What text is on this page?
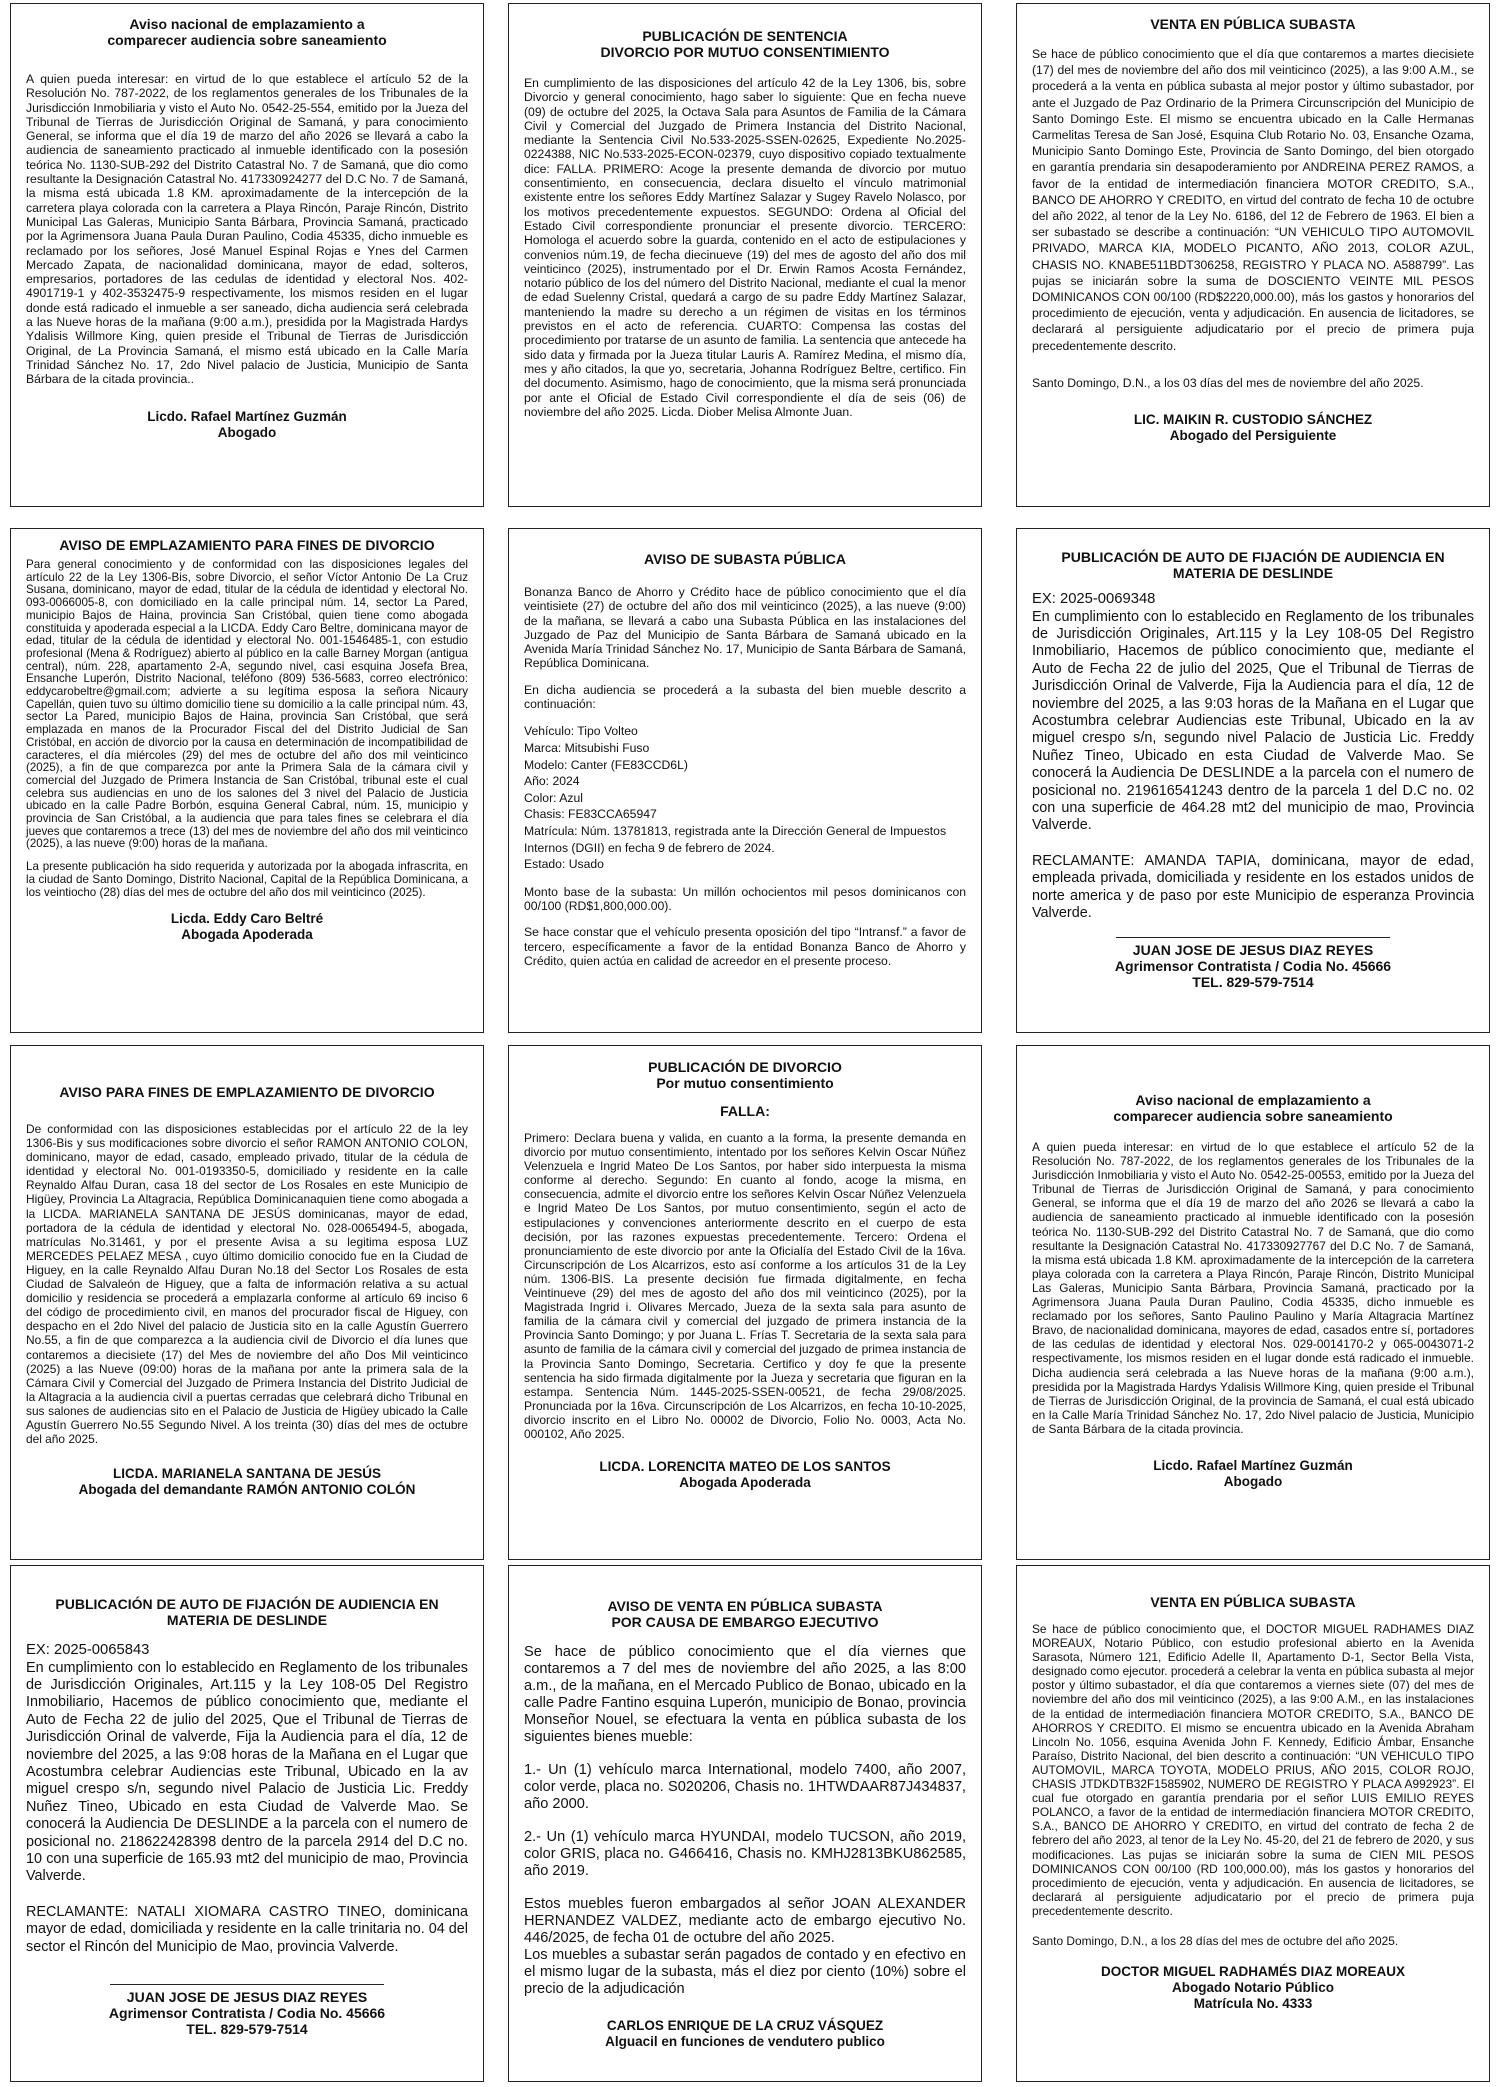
Aviso nacional de emplazamiento a
comparecer audiencia sobre saneamiento

A quien pueda interesar: en virtud de lo que establece el artículo 52 de la Resolución No. 787-2022, de los reglamentos generales de los Tribunales de la Jurisdicción Inmobiliaria y visto el Auto No. 0542-25-554, emitido por la Jueza del Tribunal de Tierras de Jurisdicción Original de Samaná, y para conocimiento General, se informa que el día 19 de marzo del año 2026 se llevará a cabo la audiencia de saneamiento practicado al inmueble identificado con la posesión teórica No. 1130-SUB-292 del Distrito Catastral No. 7 de Samaná, que dio como resultante la Designación Catastral No. 417330924277 del D.C No. 7 de Samaná, la misma está ubicada 1.8 KM. aproximadamente de la intercepción de la carretera playa colorada con la carretera a Playa Rincón, Paraje Rincón, Distrito Municipal Las Galeras, Municipio Santa Bárbara, Provincia Samaná, practicado por la Agrimensora Juana Paula Duran Paulino, Codia 45335, dicho inmueble es reclamado por los señores, José Manuel Espinal Rojas e Ynes del Carmen Mercado Zapata, de nacionalidad dominicana, mayor de edad, solteros, empresarios, portadores de las cedulas de identidad y electoral Nos. 402-4901719-1 y 402-3532475-9 respectivamente, los mismos residen en el lugar donde está radicado el inmueble a ser saneado, dicha audiencia será celebrada a las Nueve horas de la mañana (9:00 a.m.), presidida por la Magistrada Hardys Ydalisis Willmore King, quien preside el Tribunal de Tierras de Jurisdicción Original, de La Provincia Samaná, el mismo está ubicado en la Calle María Trinidad Sánchez No. 17, 2do Nivel palacio de Justicia, Municipio de Santa Bárbara de la citada provincia..

Licdo. Rafael Martínez Guzmán
Abogado
PUBLICACIÓN DE SENTENCIA
DIVORCIO POR MUTUO CONSENTIMIENTO

En cumplimiento de las disposiciones del artículo 42 de la Ley 1306, bis, sobre Divorcio y general conocimiento, hago saber lo siguiente: Que en fecha nueve (09) de octubre del 2025, la Octava Sala para Asuntos de Familia de la Cámara Civil y Comercial del Juzgado de Primera Instancia del Distrito Nacional, mediante la Sentencia Civil No.533-2025-SSEN-02625, Expediente No.2025-0224388, NIC No.533-2025-ECON-02379, cuyo dispositivo copiado textualmente dice: FALLA. PRIMERO: Acoge la presente demanda de divorcio por mutuo consentimiento, en consecuencia, declara disuelto el vínculo matrimonial existente entre los señores Eddy Martínez Salazar y Sugey Ravelo Nolasco, por los motivos precedentemente expuestos. SEGUNDO: Ordena al Oficial del Estado Civil correspondiente pronunciar el presente divorcio. TERCERO: Homologa el acuerdo sobre la guarda, contenido en el acto de estipulaciones y convenios núm.19, de fecha diecinueve (19) del mes de agosto del año dos mil veinticinco (2025), instrumentado por el Dr. Erwin Ramos Acosta Fernández, notario público de los del número del Distrito Nacional, mediante el cual la menor de edad Suelenny Cristal, quedará a cargo de su padre Eddy Martínez Salazar, manteniendo la madre su derecho a un régimen de visitas en los términos previstos en el acto de referencia. CUARTO: Compensa las costas del procedimiento por tratarse de un asunto de familia. La sentencia que antecede ha sido data y firmada por la Jueza titular Lauris A. Ramírez Medina, el mismo día, mes y año citados, la que yo, secretaria, Johanna Rodríguez Beltre, certifico. Fin del documento. Asimismo, hago de conocimiento, que la misma será pronunciada por ante el Oficial de Estado Civil correspondiente el día de seis (06) de noviembre del año 2025. Licda. Diober Melisa Almonte Juan.

VENTA EN PÚBLICA SUBASTA

Se hace de público conocimiento que el día que contaremos a martes diecisiete (17) del mes de noviembre del año dos mil veinticinco (2025), a las 9:00 A.M., se procederá a la venta en pública subasta al mejor postor y último subastador, por ante el Juzgado de Paz Ordinario de la Primera Circunscripción del Municipio de Santo Domingo Este. El mismo se encuentra ubicado en la Calle Hermanas Carmelitas Teresa de San José, Esquina Club Rotario No. 03, Ensanche Ozama, Municipio Santo Domingo Este, Provincia de Santo Domingo, del bien otorgado en garantía prendaria sin desapoderamiento por ANDREINA PEREZ RAMOS, a favor de la entidad de intermediación financiera MOTOR CREDITO, S.A., BANCO DE AHORRO Y CREDITO, en virtud del contrato de fecha 10 de octubre del año 2022, al tenor de la Ley No. 6186, del 12 de Febrero de 1963. El bien a ser subastado se describe a continuación: “UN VEHICULO TIPO AUTOMOVIL PRIVADO, MARCA KIA, MODELO PICANTO, AÑO 2013, COLOR AZUL, CHASIS NO. KNABE511BDT306258, REGISTRO Y PLACA NO. A588799”. Las pujas se iniciarán sobre la suma de DOSCIENTO VEINTE MIL PESOS DOMINICANOS CON 00/100 (RD$2220,000.00), más los gastos y honorarios del procedimiento de ejecución, venta y adjudicación. En ausencia de licitadores, se declarará al persiguiente adjudicatario por el precio de primera puja precedentemente descrito.

Santo Domingo, D.N., a los 03 días del mes de noviembre del año 2025.

LIC. MAIKIN R. CUSTODIO SÁNCHEZ
Abogado del Persiguiente
AVISO DE EMPLAZAMIENTO PARA FINES DE DIVORCIO

Para general conocimiento y de conformidad con las disposiciones legales del artículo 22 de la Ley 1306-Bis, sobre Divorcio, el señor Víctor Antonio De La Cruz Susana, dominicano, mayor de edad, titular de la cédula de identidad y electoral No. 093-0066005-8, con domiciliado en la calle principal núm. 14, sector La Pared, municipio Bajos de Haina, provincia San Cristóbal, quien tiene como abogada constituida y apoderada especial a la LICDA. Eddy Caro Beltre, dominicana mayor de edad, titular de la cédula de identidad y electoral No. 001-1546485-1, con estudio profesional (Mena & Rodríguez) abierto al público en la calle Barney Morgan (antigua central), núm. 228, apartamento 2-A, segundo nivel, casi esquina Josefa Brea, Ensanche Luperón, Distrito Nacional, teléfono (809) 536-5683, correo electrónico: eddycarobeltre@gmail.com; advierte a su legítima esposa la señora Nicaury Capellán, quien tuvo su último domicilio tiene su domicilio a la calle principal núm. 43, sector La Pared, municipio Bajos de Haina, provincia San Cristóbal, que será emplazada en manos de la Procurador Fiscal del del Distrito Judicial de San Cristóbal, en acción de divorcio por la causa en determinación de incompatibilidad de caracteres, el día miércoles (29) del mes de octubre del año dos mil veinticinco (2025), a fin de que comparezca por ante la Primera Sala de la cámara civil y comercial del Juzgado de Primera Instancia de San Cristóbal, tribunal este el cual celebra sus audiencias en uno de los salones del 3 nivel del Palacio de Justicia ubicado en la calle Padre Borbón, esquina General Cabral, núm. 15, municipio y provincia de San Cristóbal, a la audiencia que para tales fines se celebrara el día jueves que contaremos a trece (13) del mes de noviembre del año dos mil veinticinco (2025), a las nueve (9:00) horas de la mañana.

La presente publicación ha sido requerida y autorizada por la abogada infrascrita, en la ciudad de Santo Domingo, Distrito Nacional, Capital de la República Dominicana, a los veintiocho (28) días del mes de octubre del año dos mil veinticinco (2025).

Licda. Eddy Caro Beltré
Abogada Apoderada
AVISO DE SUBASTA PÚBLICA

Bonanza Banco de Ahorro y Crédito hace de público conocimiento que el día veintisiete (27) de octubre del año dos mil veinticinco (2025), a las nueve (9:00) de la mañana, se llevará a cabo una Subasta Pública en las instalaciones del Juzgado de Paz del Municipio de Santa Bárbara de Samaná ubicado en la Avenida María Trinidad Sánchez No. 17, Municipio de Santa Bárbara de Samaná, República Dominicana.

En dicha audiencia se procederá a la subasta del bien mueble descrito a continuación:

Vehículo: Tipo Volteo

Marca: Mitsubishi Fuso

Modelo: Canter (FE83CCD6L)

Año: 2024

Color: Azul

Chasis: FE83CCA65947

Matrícula: Núm. 13781813, registrada ante la Dirección General de Impuestos Internos (DGII) en fecha 9 de febrero de 2024.

Estado: Usado

Monto base de la subasta: Un millón ochocientos mil pesos dominicanos con 00/100 (RD$1,800,000.00).

Se hace constar que el vehículo presenta oposición del tipo “Intransf.” a favor de tercero, específicamente a favor de la entidad Bonanza Banco de Ahorro y Crédito, quien actúa en calidad de acreedor en el presente proceso.

PUBLICACIÓN DE AUTO DE FIJACIÓN DE AUDIENCIA EN
MATERIA DE DESLINDE

EX: 2025-0069348

En cumplimiento con lo establecido en Reglamento de los tribunales de Jurisdicción Originales, Art.115 y la Ley 108-05 Del Registro Inmobiliario, Hacemos de público conocimiento que, mediante el Auto de Fecha 22 de julio del 2025, Que el Tribunal de Tierras de Jurisdicción Orinal de Valverde, Fija la Audiencia para el día, 12 de noviembre del 2025, a las 9:03 horas de la Mañana en el Lugar que Acostumbra celebrar Audiencias este Tribunal, Ubicado en la av miguel crespo s/n, segundo nivel Palacio de Justicia Lic. Freddy Nuñez Tineo, Ubicado en esta Ciudad de Valverde Mao. Se conocerá la Audiencia De DESLINDE a la parcela con el numero de posicional no. 219616541243 dentro de la parcela 1 del D.C no. 02 con una superficie de 464.28 mt2 del municipio de mao, Provincia Valverde.

RECLAMANTE: AMANDA TAPIA, dominicana, mayor de edad, empleada privada, domiciliada y residente en los estados unidos de norte america y de paso por este Municipio de esperanza Provincia Valverde.

JUAN JOSE DE JESUS DIAZ REYES
Agrimensor Contratista / Codia No. 45666
TEL. 829-579-7514
AVISO PARA FINES DE EMPLAZAMIENTO DE DIVORCIO

De conformidad con las disposiciones establecidas por el artículo 22 de la ley 1306-Bis y sus modificaciones sobre divorcio el señor RAMON ANTONIO COLON, dominicano, mayor de edad, casado, empleado privado, titular de la cédula de identidad y electoral No. 001-0193350-5, domiciliado y residente en la calle Reynaldo Alfau Duran, casa 18 del sector de Los Rosales en este Municipio de Higüey, Provincia La Altagracia, República Dominicanaquien tiene como abogada a la LICDA. MARIANELA SANTANA DE JESÚS dominicanas, mayor de edad, portadora de la cédula de identidad y electoral No. 028-0065494-5, abogada, matrículas No.31461, y por el presente Avisa a su legitima esposa LUZ MERCEDES PELAEZ MESA , cuyo último domicilio conocido fue en la Ciudad de Higuey, en la calle Reynaldo Alfau Duran No.18 del Sector Los Rosales de esta Ciudad de Salvaleón de Higuey, que a falta de información relativa a su actual domicilio y residencia se procederá a emplazarla conforme al artículo 69 inciso 6 del código de procedimiento civil, en manos del procurador fiscal de Higuey, con despacho en el 2do Nivel del palacio de Justicia sito en la calle Agustín Guerrero No.55, a fin de que comparezca a la audiencia civil de Divorcio el día lunes que contaremos a diecisiete (17) del Mes de noviembre del año Dos Mil veinticinco (2025) a las Nueve (09:00) horas de la mañana por ante la primera sala de la Cámara Civil y Comercial del Juzgado de Primera Instancia del Distrito Judicial de la Altagracia a la audiencia civil a puertas cerradas que celebrará dicho Tribunal en sus salones de audiencias sito en el Palacio de Justicia de Higüey ubicado la Calle Agustín Guerrero No.55 Segundo Nivel. A los treinta (30) días del mes de octubre del año 2025.

LICDA. MARIANELA SANTANA DE JESÚS
Abogada del demandante RAMÓN ANTONIO COLÓN
PUBLICACIÓN DE DIVORCIO
Por mutuo consentimiento
FALLA:

Primero: Declara buena y valida, en cuanto a la forma, la presente demanda en divorcio por mutuo consentimiento, intentado por los señores Kelvin Oscar Núñez Velenzuela e Ingrid Mateo De Los Santos, por haber sido interpuesta la misma conforme al derecho. Segundo: En cuanto al fondo, acoge la misma, en consecuencia, admite el divorcio entre los señores Kelvin Oscar Núñez Velenzuela e Ingrid Mateo De Los Santos, por mutuo consentimiento, según el acto de estipulaciones y convenciones anteriormente descrito en el cuerpo de esta decisión, por las razones expuestas precedentemente. Tercero: Ordena el pronunciamiento de este divorcio por ante la Oficialía del Estado Civil de la 16va. Circunscripción de Los Alcarrizos, esto así conforme a los artículos 31 de la Ley núm. 1306-BIS. La presente decisión fue firmada digitalmente, en fecha Veintinueve (29) del mes de agosto del año dos mil veinticinco (2025), por la Magistrada Ingrid i. Olivares Mercado, Jueza de la sexta sala para asunto de familia de la cámara civil y comercial del juzgado de primera instancia de la Provincia Santo Domingo; y por Juana L. Frías T. Secretaria de la sexta sala para asunto de familia de la cámara civil y comercial del juzgado de primea instancia de la Provincia Santo Domingo, Secretaria. Certifico y doy fe que la presente sentencia ha sido firmada digitalmente por la Jueza y secretaria que figuran en la estampa. Sentencia Núm. 1445-2025-SSEN-00521, de fecha 29/08/2025. Pronunciada por la 16va. Circunscripción de Los Alcarrizos, en fecha 10-10-2025, divorcio inscrito en el Libro No. 00002 de Divorcio, Folio No. 0003, Acta No. 000102, Año 2025.

LICDA. LORENCITA MATEO DE LOS SANTOS
Abogada Apoderada
Aviso nacional de emplazamiento a
comparecer audiencia sobre saneamiento

A quien pueda interesar: en virtud de lo que establece el artículo 52 de la Resolución No. 787-2022, de los reglamentos generales de los Tribunales de la Jurisdicción Inmobiliaria y visto el Auto No. 0542-25-00553, emitido por la Jueza del Tribunal de Tierras de Jurisdicción Original de Samaná, y para conocimiento General, se informa que el día 19 de marzo del año 2026 se llevará a cabo la audiencia de saneamiento practicado al inmueble identificado con la posesión teórica No. 1130-SUB-292 del Distrito Catastral No. 7 de Samaná, que dio como resultante la Designación Catastral No. 417330927767 del D.C No. 7 de Samaná, la misma está ubicada 1.8 KM. aproximadamente de la intercepción de la carretera playa colorada con la carretera a Playa Rincón, Paraje Rincón, Distrito Municipal Las Galeras, Municipio Santa Bárbara, Provincia Samaná, practicado por la Agrimensora Juana Paula Duran Paulino, Codia 45335, dicho inmueble es reclamado por los señores, Santo Paulino Paulino y María Altagracia Martínez Bravo, de nacionalidad dominicana, mayores de edad, casados entre sí, portadores de las cedulas de identidad y electoral Nos. 029-0014170-2 y 065-0043071-2 respectivamente, los mismos residen en el lugar donde está radicado el inmueble. Dicha audiencia será celebrada a las Nueve horas de la mañana (9:00 a.m.), presidida por la Magistrada Hardys Ydalisis Willmore King, quien preside el Tribunal de Tierras de Jurisdicción Original, de la provincia de Samaná, el cual está ubicado en la Calle María Trinidad Sánchez No. 17, 2do Nivel palacio de Justicia, Municipio de Santa Bárbara de la citada provincia.

Licdo. Rafael Martínez Guzmán
Abogado
PUBLICACIÓN DE AUTO DE FIJACIÓN DE AUDIENCIA EN
MATERIA DE DESLINDE

EX: 2025-0065843

En cumplimiento con lo establecido en Reglamento de los tribunales de Jurisdicción Originales, Art.115 y la Ley 108-05 Del Registro Inmobiliario, Hacemos de público conocimiento que, mediante el Auto de Fecha 22 de julio del 2025, Que el Tribunal de Tierras de Jurisdicción Orinal de valverde, Fija la Audiencia para el día, 12 de noviembre del 2025, a las 9:08 horas de la Mañana en el Lugar que Acostumbra celebrar Audiencias este Tribunal, Ubicado en la av miguel crespo s/n, segundo nivel Palacio de Justicia Lic. Freddy Nuñez Tineo, Ubicado en esta Ciudad de Valverde Mao. Se conocerá la Audiencia De DESLINDE a la parcela con el numero de posicional no. 218622428398 dentro de la parcela 2914 del D.C no. 10 con una superficie de 165.93 mt2 del municipio de mao, Provincia Valverde.

RECLAMANTE: NATALI XIOMARA CASTRO TINEO, dominicana mayor de edad, domiciliada y residente en la calle trinitaria no. 04 del sector el Rincón del Municipio de Mao, provincia Valverde.

JUAN JOSE DE JESUS DIAZ REYES
Agrimensor Contratista / Codia No. 45666
TEL. 829-579-7514
AVISO DE VENTA EN PÚBLICA SUBASTA
POR CAUSA DE EMBARGO EJECUTIVO

Se hace de público conocimiento que el día viernes que contaremos a 7 del mes de noviembre del año 2025, a las 8:00 a.m., de la mañana, en el Mercado Publico de Bonao, ubicado en la calle Padre Fantino esquina Luperón, municipio de Bonao, provincia Monseñor Nouel, se efectuara la venta en pública subasta de los siguientes bienes mueble:

1.- Un (1) vehículo marca International, modelo 7400, año 2007, color verde, placa no. S020206, Chasis no. 1HTWDAAR87J434837, año 2000.

2.- Un (1) vehículo marca HYUNDAI, modelo TUCSON, año 2019, color GRIS, placa no. G466416, Chasis no. KMHJ2813BKU862585, año 2019.

Estos muebles fueron embargados al señor JOAN ALEXANDER HERNANDEZ VALDEZ, mediante acto de embargo ejecutivo No. 446/2025, de fecha 01 de octubre del año 2025.

Los muebles a subastar serán pagados de contado y en efectivo en el mismo lugar de la subasta, más el diez por ciento (10%) sobre el precio de la adjudicación

CARLOS ENRIQUE DE LA CRUZ VÁSQUEZ
Alguacil en funciones de vendutero publico
VENTA EN PÚBLICA SUBASTA

Se hace de público conocimiento que, el DOCTOR MIGUEL RADHAMES DIAZ MOREAUX, Notario Público, con estudio profesional abierto en la Avenida Sarasota, Número 121, Edificio Adelle II, Apartamento D-1, Sector Bella Vista, designado como ejecutor. procederá a celebrar la venta en pública subasta al mejor postor y último subastador, el día que contaremos a viernes siete (07) del mes de noviembre del año dos mil veinticinco (2025), a las 9:00 A.M., en las instalaciones de la entidad de intermediación financiera MOTOR CREDITO, S.A., BANCO DE AHORROS Y CREDITO. El mismo se encuentra ubicado en la Avenida Abraham Lincoln No. 1056, esquina Avenida John F. Kennedy, Edificio Ámbar, Ensanche Paraíso, Distrito Nacional, del bien descrito a continuación: “UN VEHICULO TIPO AUTOMOVIL, MARCA TOYOTA, MODELO PRIUS, AÑO 2015, COLOR ROJO, CHASIS JTDKDTB32F1585902, NUMERO DE REGISTRO Y PLACA A992923”. El cual fue otorgado en garantía prendaria por el señor LUIS EMILIO REYES POLANCO, a favor de la entidad de intermediación financiera MOTOR CREDITO, S.A., BANCO DE AHORRO Y CREDITO, en virtud del contrato de fecha 2 de febrero del año 2023, al tenor de la Ley No. 45-20, del 21 de febrero de 2020, y sus modificaciones. Las pujas se iniciarán sobre la suma de CIEN MIL PESOS DOMINICANOS CON 00/100 (RD 100,000.00), más los gastos y honorarios del procedimiento de ejecución, venta y adjudicación. En ausencia de licitadores, se declarará al persiguiente adjudicatario por el precio de primera puja precedentemente descrito.

Santo Domingo, D.N., a los 28 días del mes de octubre del año 2025.

DOCTOR MIGUEL RADHAMÉS DIAZ MOREAUX
Abogado Notario Público
Matrícula No. 4333
